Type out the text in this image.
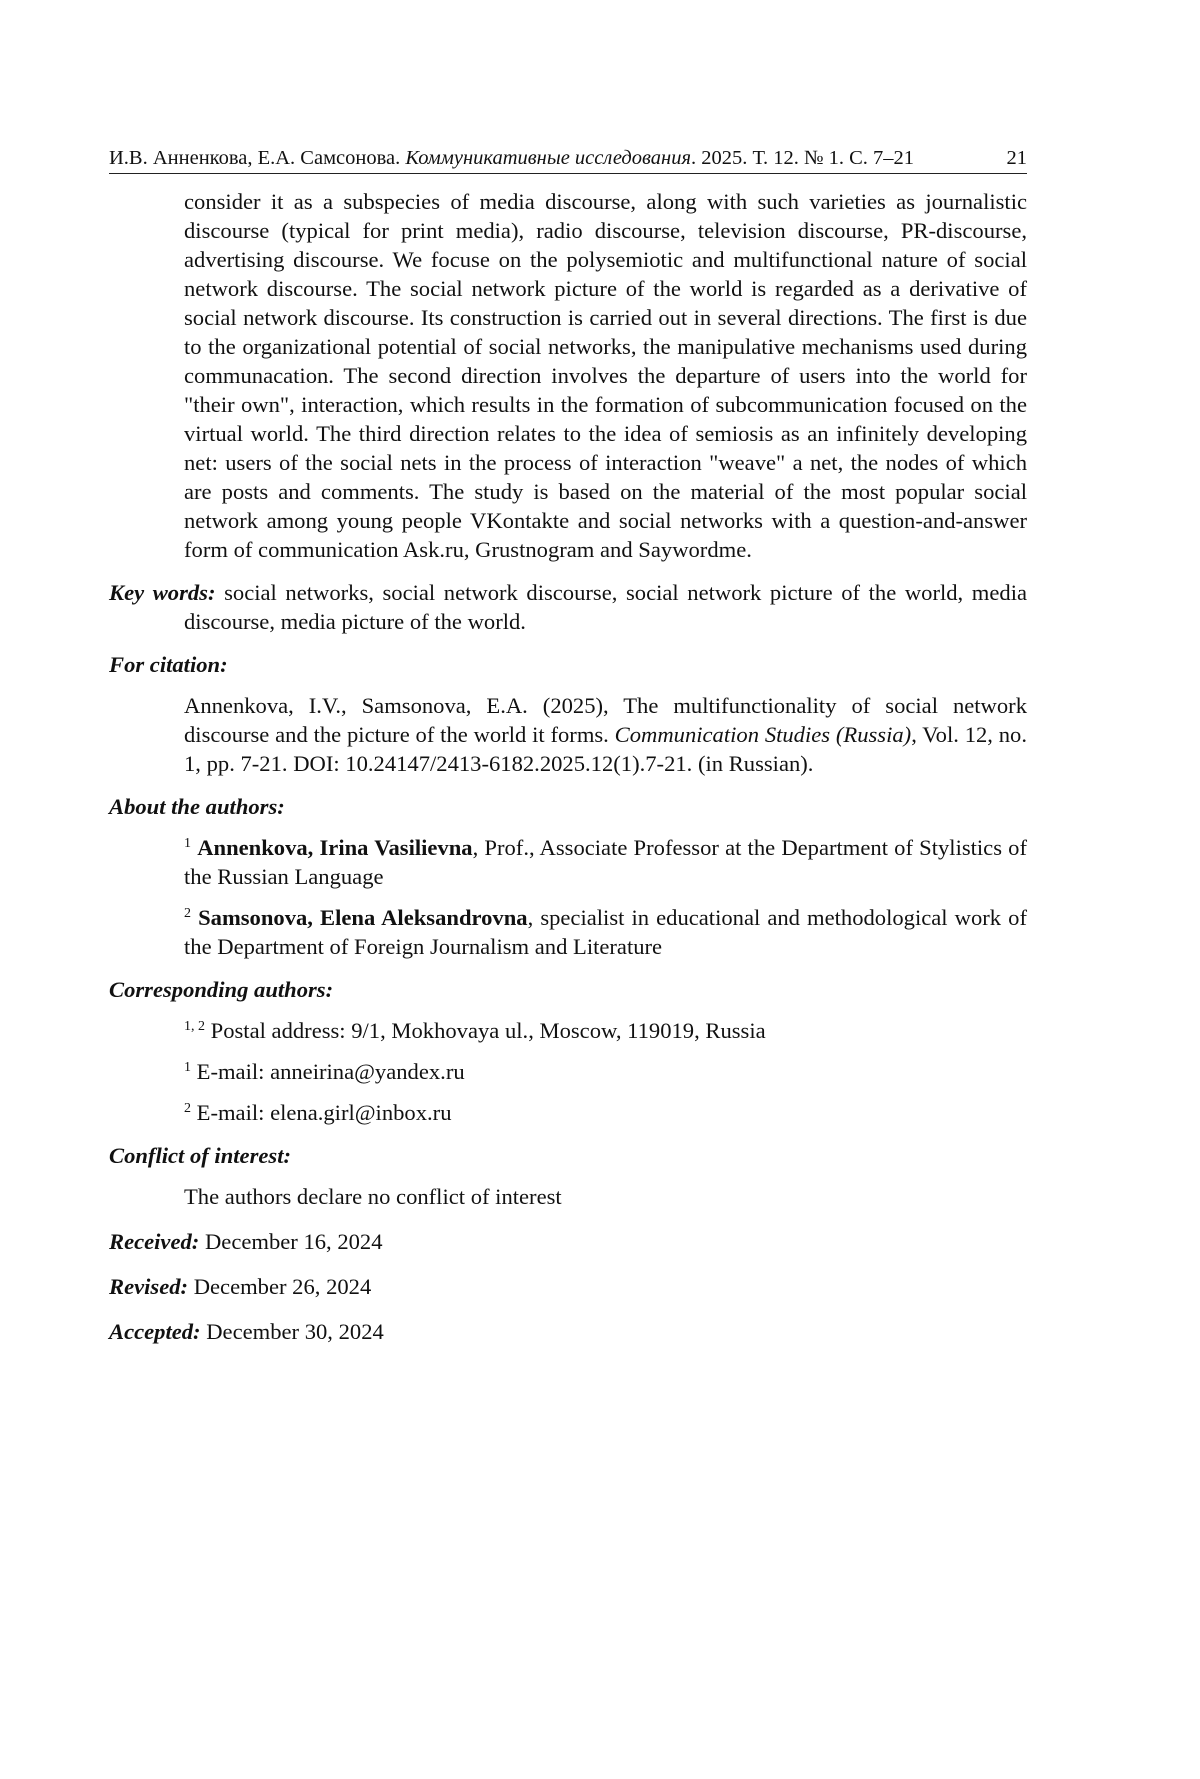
И.В. Анненкова, Е.А. Самсонова. Коммуникативные исследования. 2025. Т. 12. № 1. С. 7–21	21
consider it as a subspecies of media discourse, along with such varieties as journalistic discourse (typical for print media), radio discourse, television discourse, PR-discourse, advertising discourse. We focuse on the polysemiotic and multifunctional nature of social network discourse. The social network picture of the world is regarded as a derivative of social network discourse. Its construction is carried out in several directions. The first is due to the organizational potential of social networks, the manipulative mechanisms used during communacation. The second direction involves the departure of users into the world for "their own", interaction, which results in the formation of subcommunication focused on the virtual world. The third direction relates to the idea of semiosis as an infinitely developing net: users of the social nets in the process of interaction "weave" a net, the nodes of which are posts and comments. The study is based on the material of the most popular social network among young people VKontakte and social networks with a question-and-answer form of communication Ask.ru, Grustnogram and Saywordme.
Key words: social networks, social network discourse, social network picture of the world, media discourse, media picture of the world.
For citation:
Annenkova, I.V., Samsonova, E.A. (2025), The multifunctionality of social network discourse and the picture of the world it forms. Communication Studies (Russia), Vol. 12, no. 1, pp. 7-21. DOI: 10.24147/2413-6182.2025.12(1).7-21. (in Russian).
About the authors:
$^1$ Annenkova, Irina Vasilievna, Prof., Associate Professor at the Department of Stylistics of the Russian Language
$^2$ Samsonova, Elena Aleksandrovna, specialist in educational and methodological work of the Department of Foreign Journalism and Literature
Corresponding authors:
$^{1, 2}$ Postal address: 9/1, Mokhovaya ul., Moscow, 119019, Russia
$^1$ E-mail: anneirina@yandex.ru
$^2$ E-mail: elena.girl@inbox.ru
Conflict of interest:
The authors declare no conflict of interest
Received: December 16, 2024
Revised: December 26, 2024
Accepted: December 30, 2024
